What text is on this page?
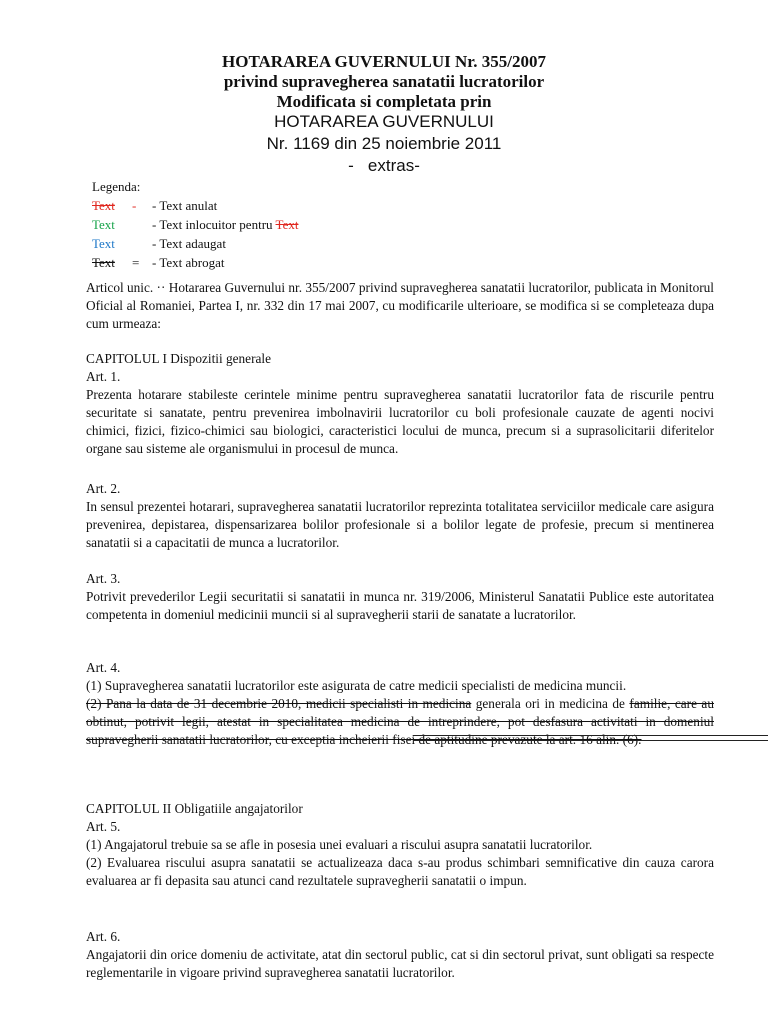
HOTARAREA GUVERNULUI Nr. 355/2007
privind supravegherea sanatatii lucratorilor
Modificata si completata prin
HOTARAREA GUVERNULUI
Nr. 1169 din 25 noiembrie 2011
-   extras-
Legenda:
Text - - Text anulat
Text	- Text inlocuitor pentru Text
Text	- Text adaugat
Text = - Text abrogat

Articol unic. ·· Hotararea Guvernului nr. 355/2007 privind supravegherea sanatatii lucratorilor, publicata in Monitorul Oficial al Romaniei, Partea I, nr. 332 din 17 mai 2007, cu modificarile ulterioare, se modifica si se completeaza dupa cum urmeaza:

CAPITOLUL I Dispozitii generale

Art. 1.

Prezenta hotarare stabileste cerintele minime pentru supravegherea sanatatii lucratorilor fata de riscurile pentru securitate si sanatate, pentru prevenirea imbolnavirii lucratorilor cu boli profesionale cauzate de agenti nocivi chimici, fizici, fizico-chimici sau biologici, caracteristici locului de munca, precum si a suprasolicitarii diferitelor organe sau sisteme ale organismului in procesul de munca.

Art. 2.

In sensul prezentei hotarari, supravegherea sanatatii lucratorilor reprezinta totalitatea serviciilor medicale care asigura prevenirea, depistarea, dispensarizarea bolilor profesionale si a bolilor legate de profesie, precum si mentinerea sanatatii si a capacitatii de munca a lucratorilor.

Art. 3.

Potrivit prevederilor Legii securitatii si sanatatii in munca nr. 319/2006, Ministerul Sanatatii Publice este autoritatea competenta in domeniul medicinii muncii si al supravegherii starii de sanatate a lucratorilor.

Art. 4.

(1) Supravegherea sanatatii lucratorilor este asigurata de catre medicii specialisti de medicina muncii.

(2) Pana la data de 31 decembrie 2010, medicii specialisti in medicina generala ori in medicina de familie, care au obtinut, potrivit legii, atestat in specialitatea medicina de intreprindere, pot desfasura activitati in domeniul supravegherii sanatatii lucratorilor, cu exceptia incheierii fisei de aptitudine prevazute la art. 16 alin. (6).

CAPITOLUL II Obligatiile angajatorilor

Art. 5.

(1) Angajatorul trebuie sa se afle in posesia unei evaluari a riscului asupra sanatatii lucratorilor.

(2) Evaluarea riscului asupra sanatatii se actualizeaza daca s-au produs schimbari semnificative din cauza carora evaluarea ar fi depasita sau atunci cand rezultatele supravegherii sanatatii o impun.

Art. 6.

Angajatorii din orice domeniu de activitate, atat din sectorul public, cat si din sectorul privat, sunt obligati sa respecte reglementarile in vigoare privind supravegherea sanatatii lucratorilor.
